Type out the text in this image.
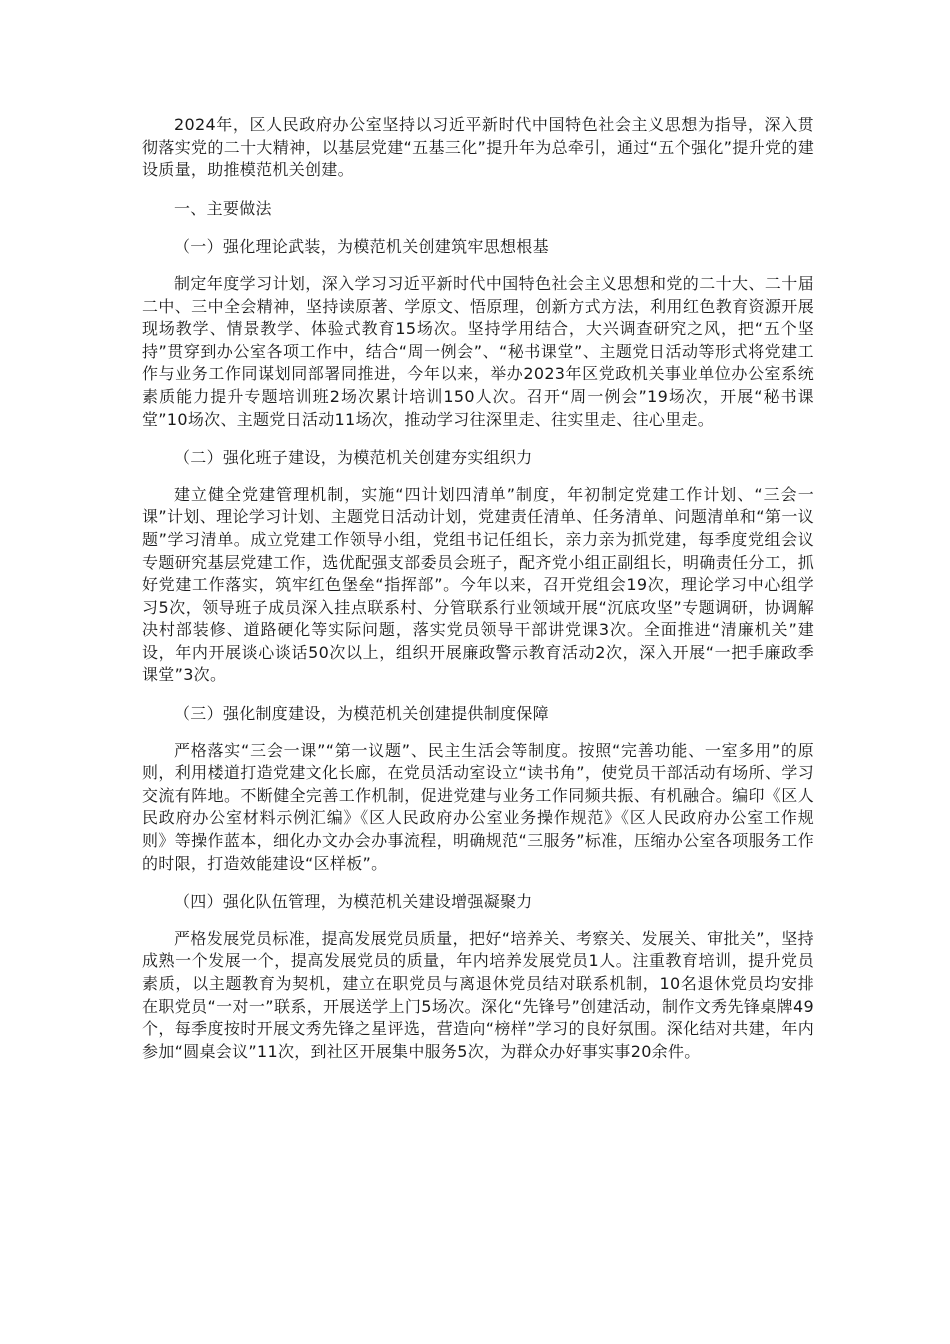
2024年，区人民政府办公室坚持以习近平新时代中国特色社会主义思想为指导，深入贯彻落实党的二十大精神，以基层党建“五基三化”提升年为总牵引，通过“五个强化”提升党的建设质量，助推模范机关创建。

一、主要做法

（一）强化理论武装，为模范机关创建筑牢思想根基

制定年度学习计划，深入学习习近平新时代中国特色社会主义思想和党的二十大、二十届二中、三中全会精神，坚持读原著、学原文、悟原理，创新方式方法，利用红色教育资源开展现场教学、情景教学、体验式教育15场次。坚持学用结合，大兴调查研究之风，把“五个坚持”贯穿到办公室各项工作中，结合“周一例会”、“秘书课堂”、主题党日活动等形式将党建工作与业务工作同谋划同部署同推进，今年以来，举办2023年区党政机关事业单位办公室系统素质能力提升专题培训班2场次累计培训150人次。召开“周一例会”19场次，开展“秘书课堂”10场次、主题党日活动11场次，推动学习往深里走、往实里走、往心里走。

（二）强化班子建设，为模范机关创建夯实组织力

建立健全党建管理机制，实施“四计划四清单”制度，年初制定党建工作计划、“三会一课”计划、理论学习计划、主题党日活动计划，党建责任清单、任务清单、问题清单和“第一议题”学习清单。成立党建工作领导小组，党组书记任组长，亲力亲为抓党建，每季度党组会议专题研究基层党建工作，选优配强支部委员会班子，配齐党小组正副组长，明确责任分工，抓好党建工作落实，筑牢红色堡垒“指挥部”。今年以来，召开党组会19次，理论学习中心组学习5次，领导班子成员深入挂点联系村、分管联系行业领域开展“沉底攻坚”专题调研，协调解决村部装修、道路硬化等实际问题，落实党员领导干部讲党课3次。全面推进“清廉机关”建设，年内开展谈心谈话50次以上，组织开展廉政警示教育活动2次，深入开展“一把手廉政季课堂”3次。

（三）强化制度建设，为模范机关创建提供制度保障

严格落实“三会一课”“第一议题”、民主生活会等制度。按照“完善功能、一室多用”的原则，利用楼道打造党建文化长廊，在党员活动室设立“读书角”，使党员干部活动有场所、学习交流有阵地。不断健全完善工作机制，促进党建与业务工作同频共振、有机融合。编印《区人民政府办公室材料示例汇编》《区人民政府办公室业务操作规范》《区人民政府办公室工作规则》等操作蓝本，细化办文办会办事流程，明确规范“三服务”标准，压缩办公室各项服务工作的时限，打造效能建设“区样板”。

（四）强化队伍管理，为模范机关建设增强凝聚力

严格发展党员标准，提高发展党员质量，把好“培养关、考察关、发展关、审批关”，坚持成熟一个发展一个，提高发展党员的质量，年内培养发展党员1人。注重教育培训，提升党员素质，以主题教育为契机，建立在职党员与离退休党员结对联系机制，10名退休党员均安排在职党员“一对一”联系，开展送学上门5场次。深化“先锋号”创建活动，制作文秀先锋桌牌49个，每季度按时开展文秀先锋之星评选，营造向“榜样”学习的良好氛围。深化结对共建，年内参加“圆桌会议”11次，到社区开展集中服务5次，为群众办好事实事20余件。
